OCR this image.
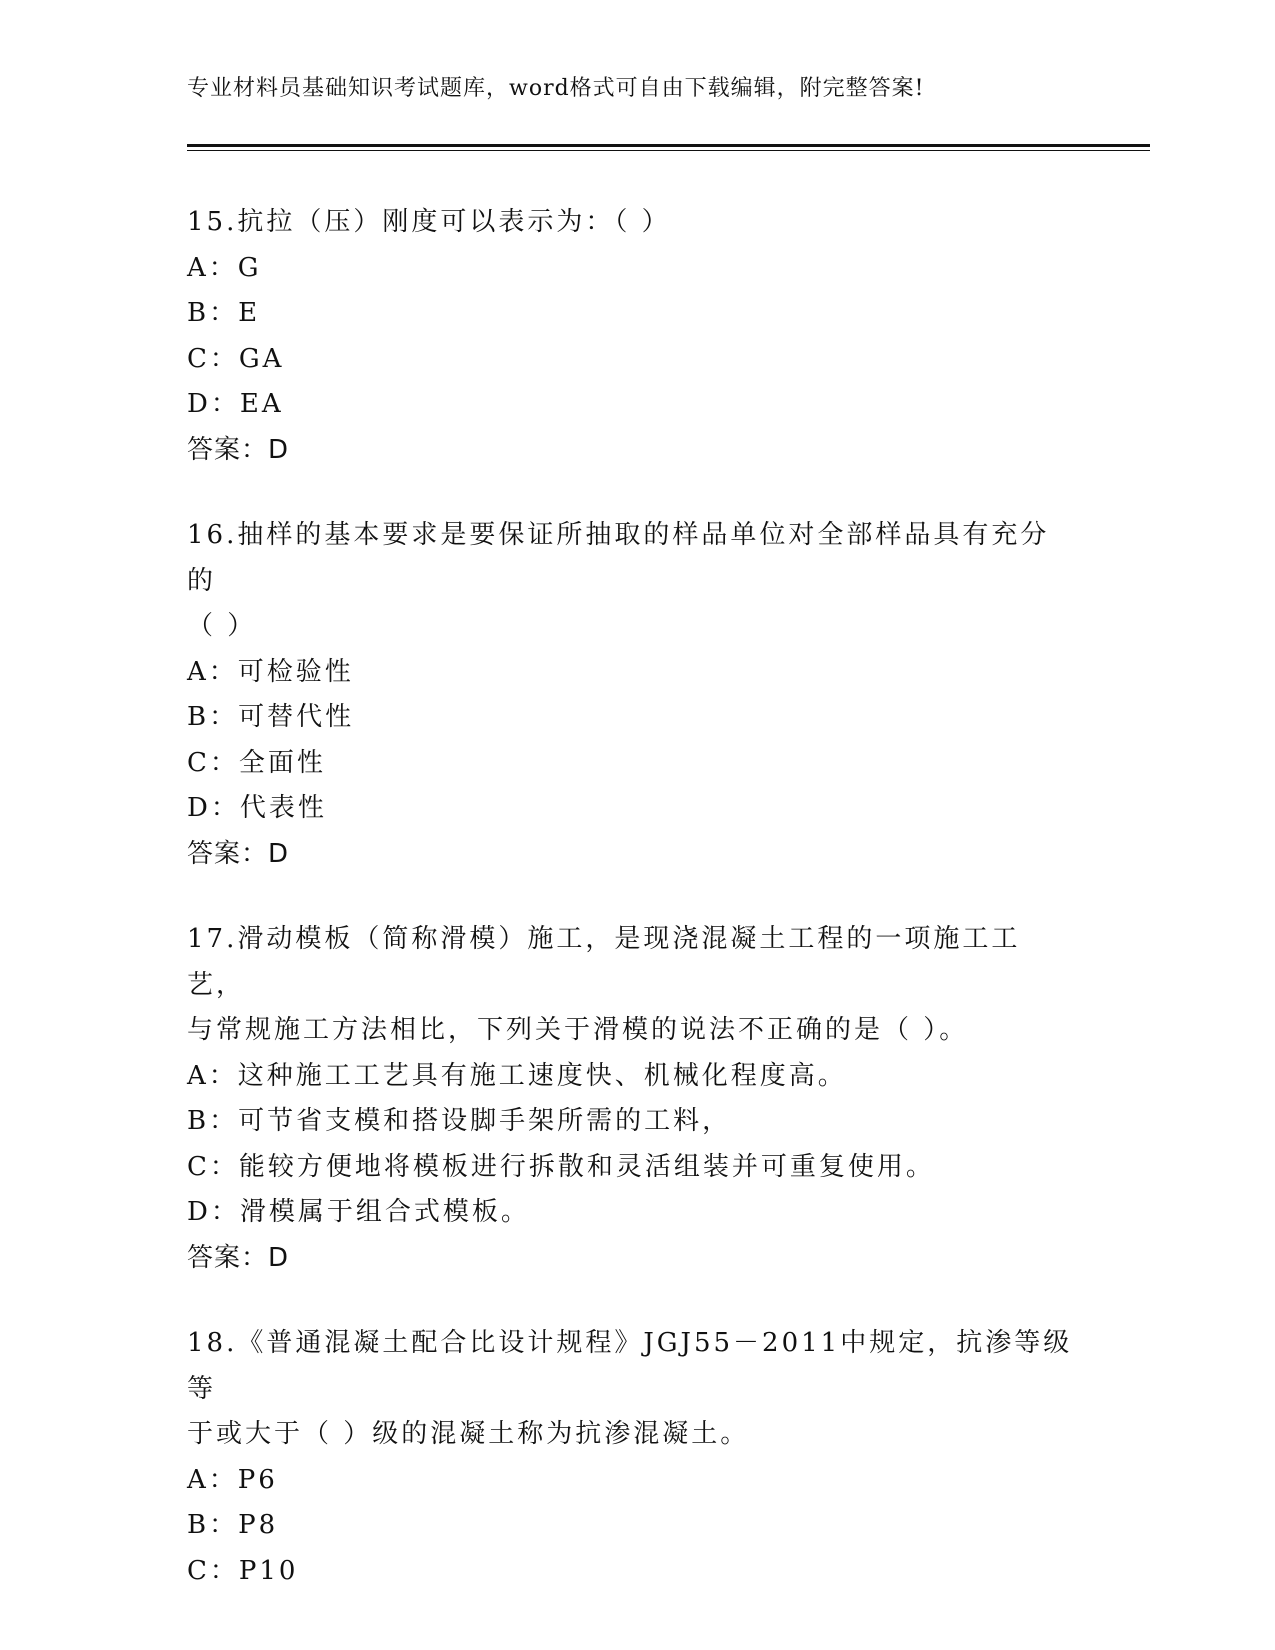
专业材料员基础知识考试题库，word格式可自由下载编辑，附完整答案!
15.抗拉（压）刚度可以表示为：（ ）
A：G
B：E
C：GA
D：EA
答案：D
16.抽样的基本要求是要保证所抽取的样品单位对全部样品具有充分的
（ ）
A：可检验性
B：可替代性
C：全面性
D：代表性
答案：D
17.滑动模板（简称滑模）施工，是现浇混凝土工程的一项施工工艺，
与常规施工方法相比，下列关于滑模的说法不正确的是（ ）。
A：这种施工工艺具有施工速度快、机械化程度高。
B：可节省支模和搭设脚手架所需的工料，
C：能较方便地将模板进行拆散和灵活组装并可重复使用。
D：滑模属于组合式模板。
答案：D
18.《普通混凝土配合比设计规程》JGJ55－2011中规定，抗渗等级等
于或大于（ ）级的混凝土称为抗渗混凝土。
A：P6
B：P8
C：P10
